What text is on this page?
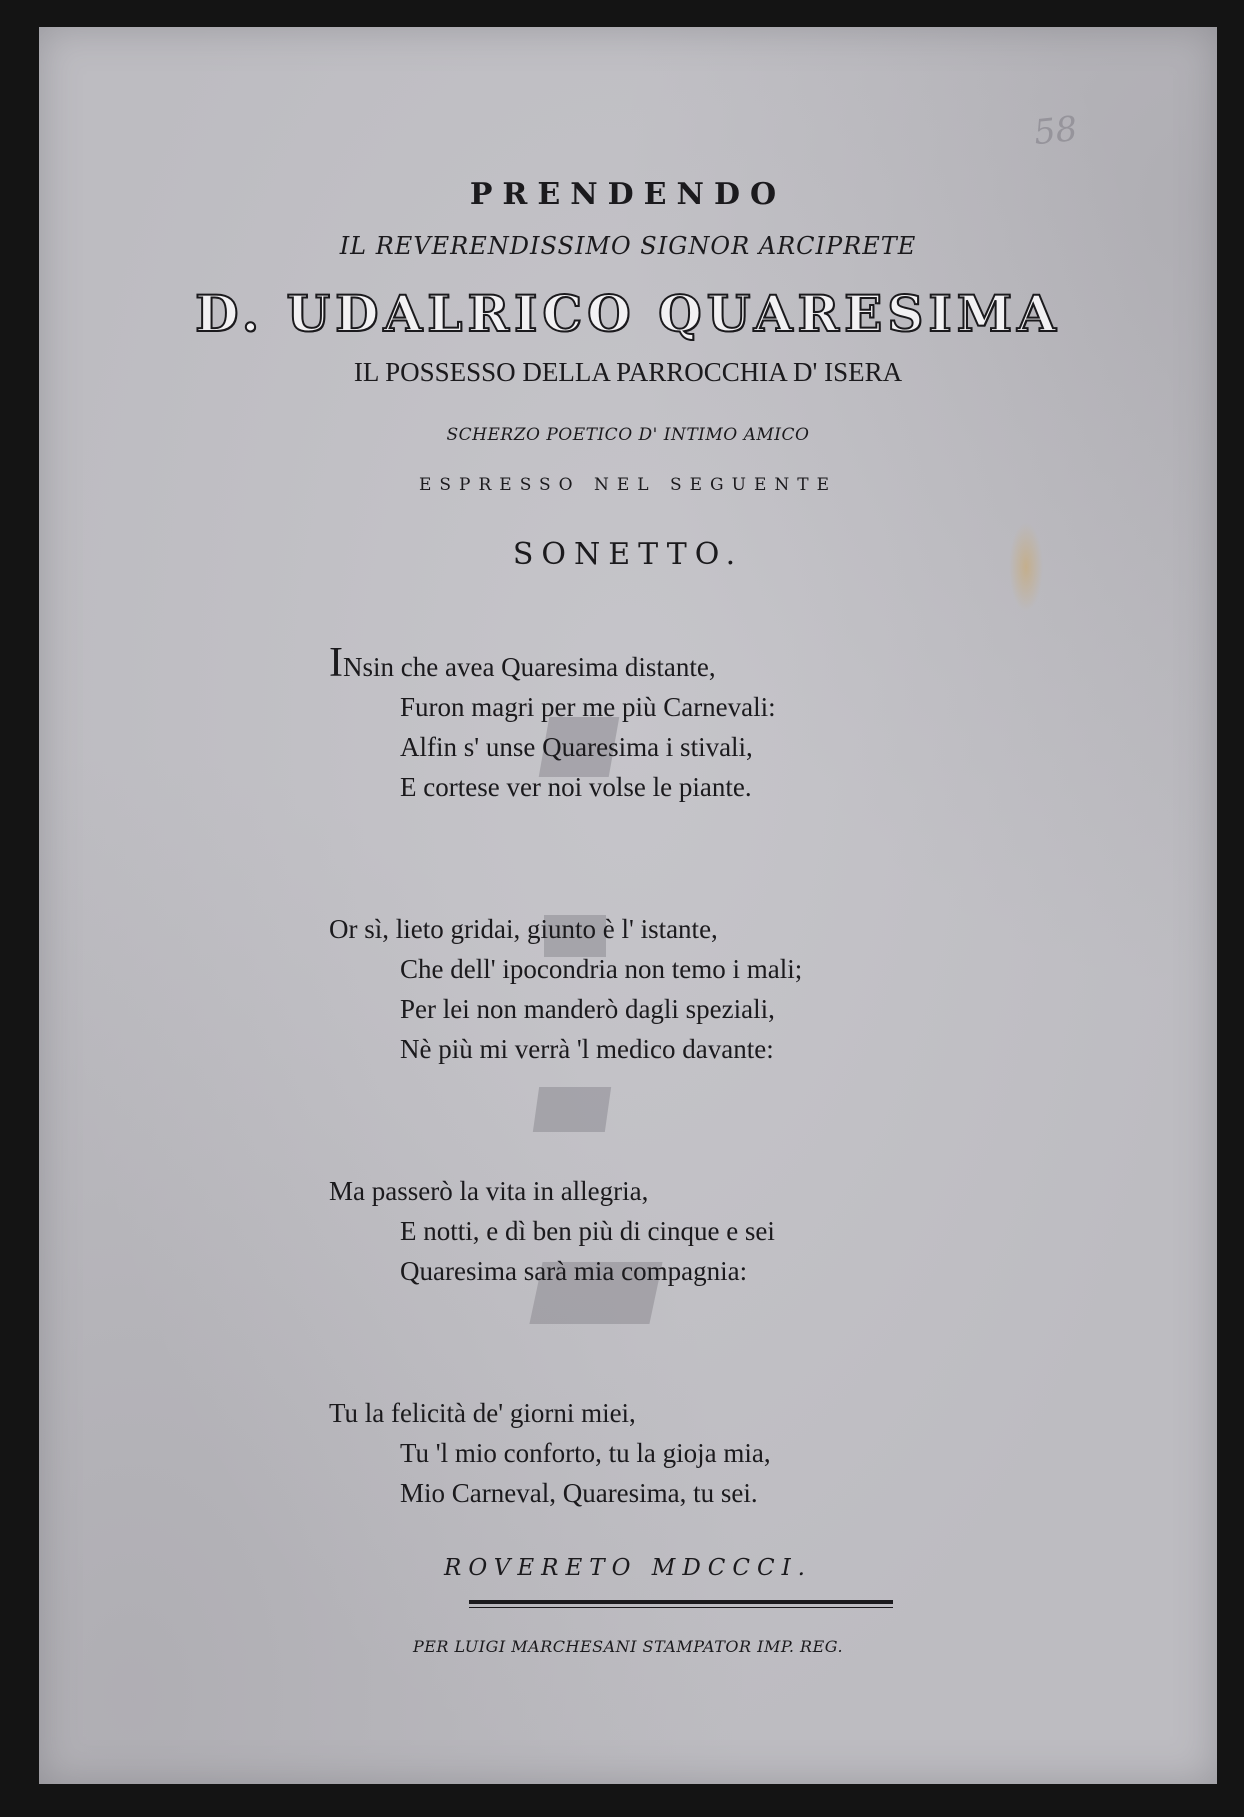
58
PRENDENDO
IL REVERENDISSIMO SIGNOR ARCIPRETE
D. UDALRICO QUARESIMA
IL POSSESSO DELLA PARROCCHIA D' ISERA
SCHERZO POETICO D' INTIMO AMICO
ESPRESSO NEL SEGUENTE
SONETTO.
INsin che avea Quaresima distante,
Furon magri per me più Carnevali:
Alfin s' unse Quaresima i stivali,
E cortese ver noi volse le piante.
Or sì, lieto gridai, giunto è l' istante,
Che dell' ipocondria non temo i mali;
Per lei non manderò dagli speziali,
Nè più mi verrà 'l medico davante:
Ma passerò la vita in allegria,
E notti, e dì ben più di cinque e sei
Quaresima sarà mia compagnia:
Tu la felicità de' giorni miei,
Tu 'l mio conforto, tu la gioja mia,
Mio Carneval, Quaresima, tu sei.
ROVERETO MDCCCI.
PER LUIGI MARCHESANI STAMPATOR IMP. REG.
